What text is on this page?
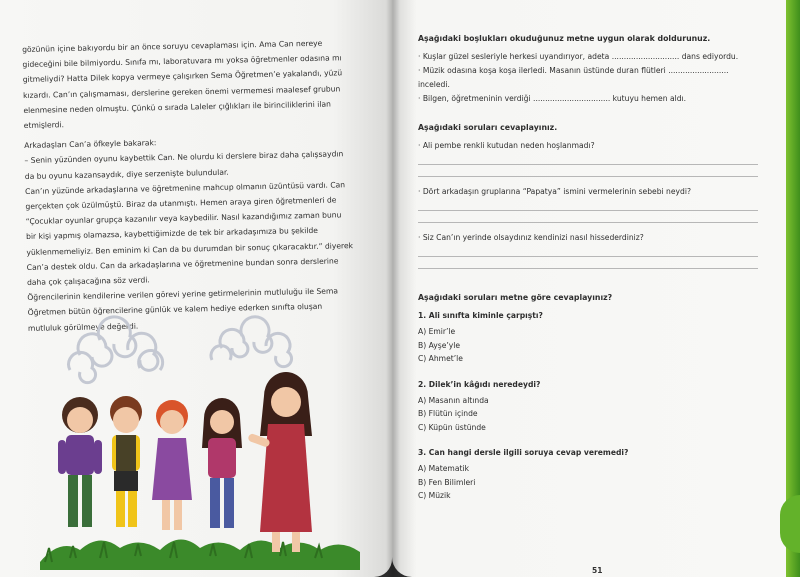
gözünün içine bakıyordu bir an önce soruyu cevaplaması için. Ama Can nereye

gideceğini bile bilmiyordu. Sınıfa mı, laboratuvara mı yoksa öğretmenler odasına mı

gitmeliydi? Hatta Dilek kopya vermeye çalışırken Sema Öğretmen’e yakalandı, yüzü

kızardı. Can’ın çalışmaması, derslerine gereken önemi vermemesi maalesef grubun

elenmesine neden olmuştu. Çünkü o sırada Laleler çığlıkları ile birinciliklerini ilan

etmişlerdi.

Arkadaşları Can’a öfkeyle bakarak:

– Senin yüzünden oyunu kaybettik Can. Ne olurdu ki derslere biraz daha çalışsaydın

da bu oyunu kazansaydık, diye serzenişte bulundular.

Can’ın yüzünde arkadaşlarına ve öğretmenine mahcup olmanın üzüntüsü vardı. Can

gerçekten çok üzülmüştü. Biraz da utanmıştı. Hemen araya giren öğretmenleri de

“Çocuklar oyunlar grupça kazanılır veya kaybedilir. Nasıl kazandığımız zaman bunu

bir kişi yapmış olamazsa, kaybettiğimizde de tek bir arkadaşımıza bu şekilde

yüklenmemeliyiz. Ben eminim ki Can da bu durumdan bir sonuç çıkaracaktır.” diyerek

Can’a destek oldu. Can da arkadaşlarına ve öğretmenine bundan sonra derslerine

daha çok çalışacağına söz verdi.

Öğrencilerinin kendilerine verilen görevi yerine getirmelerinin mutluluğu ile Sema

Öğretmen bütün öğrencilerine günlük ve kalem hediye ederken sınıfta oluşan

mutluluk görülmeye değerdi.

Aşağıdaki boşlukları okuduğunuz metne uygun olarak doldurunuz.
· Kuşlar güzel sesleriyle herkesi uyandırıyor, adeta ............................ dans ediyordu.
· Müzik odasına koşa koşa ilerledi. Masanın üstünde duran flütleri .........................
inceledi.
· Bilgen, öğretmeninin verdiği ................................ kutuyu hemen aldı.
Aşağıdaki soruları cevaplayınız.
· Ali pembe renkli kutudan neden hoşlanmadı?
· Dört arkadaşın gruplarına “Papatya” ismini vermelerinin sebebi neydi?
· Siz Can’ın yerinde olsaydınız kendinizi nasıl hissederdiniz?
Aşağıdaki soruları metne göre cevaplayınız?
1. Ali sınıfta kiminle çarpıştı?
A) Emir’le
B) Ayşe’yle
C) Ahmet’le
2. Dilek’in kâğıdı neredeydi?
A) Masanın altında
B) Flütün içinde
C) Küpün üstünde
3. Can hangi dersle ilgili soruya cevap veremedi?
A) Matematik
B) Fen Bilimleri
C) Müzik
51
